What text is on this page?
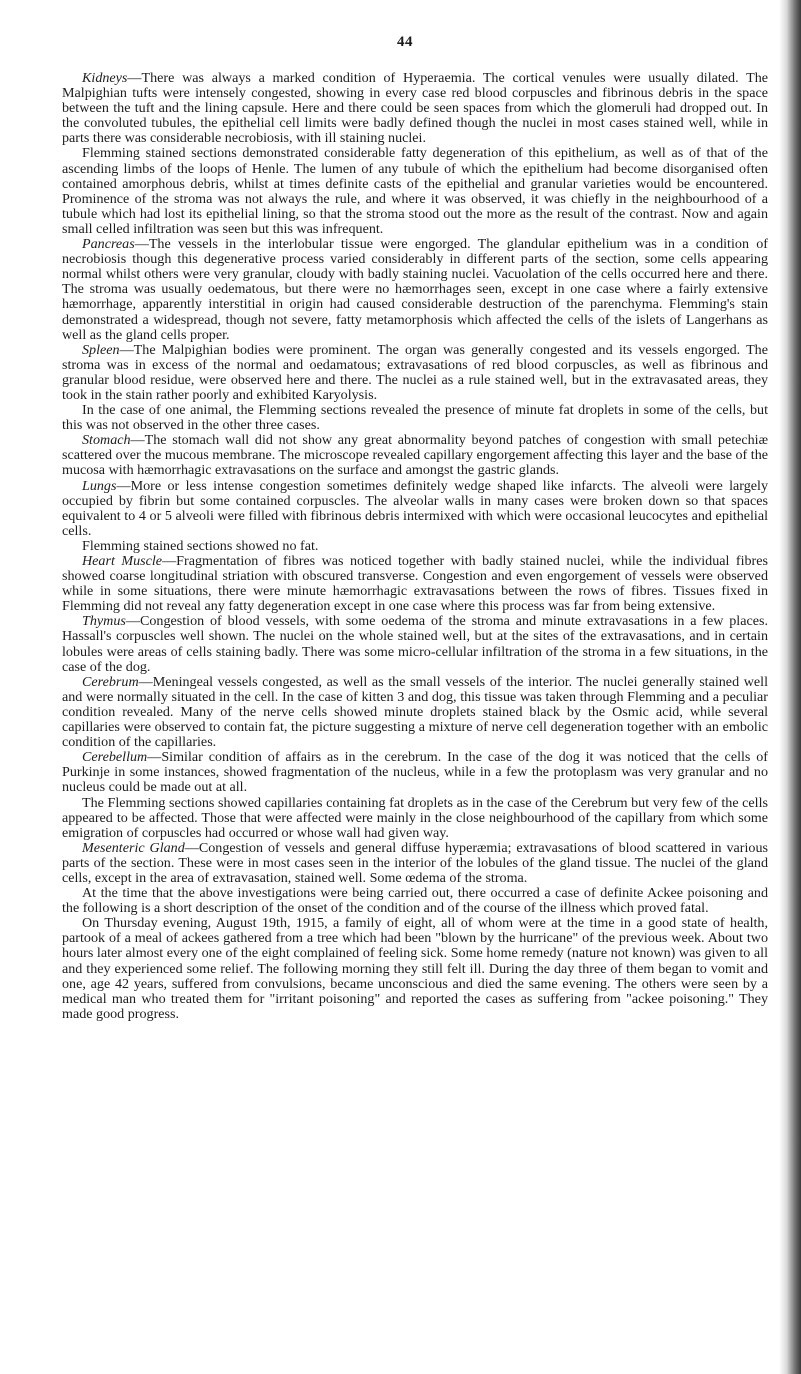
44

Kidneys—There was always a marked condition of Hyperaemia. The cortical venules were usually dilated. The Malpighian tufts were intensely congested, showing in every case red blood corpuscles and fibrinous debris in the space between the tuft and the lining capsule. Here and there could be seen spaces from which the glomeruli had dropped out. In the convoluted tubules, the epithelial cell limits were badly defined though the nuclei in most cases stained well, while in parts there was considerable necrobiosis, with ill staining nuclei.

Flemming stained sections demonstrated considerable fatty degeneration of this epithelium, as well as of that of the ascending limbs of the loops of Henle. The lumen of any tubule of which the epithelium had become disorganised often contained amorphous debris, whilst at times definite casts of the epithelial and granular varieties would be encountered. Prominence of the stroma was not always the rule, and where it was observed, it was chiefly in the neighbourhood of a tubule which had lost its epithelial lining, so that the stroma stood out the more as the result of the contrast. Now and again small celled infiltration was seen but this was infrequent.

Pancreas—The vessels in the interlobular tissue were engorged. The glandular epithelium was in a condition of necrobiosis though this degenerative process varied considerably in different parts of the section, some cells appearing normal whilst others were very granular, cloudy with badly staining nuclei. Vacuolation of the cells occurred here and there. The stroma was usually oedematous, but there were no hæmorrhages seen, except in one case where a fairly extensive hæmorrhage, apparently interstitial in origin had caused considerable destruction of the parenchyma. Flemming's stain demonstrated a widespread, though not severe, fatty metamorphosis which affected the cells of the islets of Langerhans as well as the gland cells proper.

Spleen—The Malpighian bodies were prominent. The organ was generally congested and its vessels engorged. The stroma was in excess of the normal and oedamatous; extravasations of red blood corpuscles, as well as fibrinous and granular blood residue, were observed here and there. The nuclei as a rule stained well, but in the extravasated areas, they took in the stain rather poorly and exhibited Karyolysis.

In the case of one animal, the Flemming sections revealed the presence of minute fat droplets in some of the cells, but this was not observed in the other three cases.

Stomach—The stomach wall did not show any great abnormality beyond patches of congestion with small petechiæ scattered over the mucous membrane. The microscope revealed capillary engorgement affecting this layer and the base of the mucosa with hæmorrhagic extravasations on the surface and amongst the gastric glands.

Lungs—More or less intense congestion sometimes definitely wedge shaped like infarcts. The alveoli were largely occupied by fibrin but some contained corpuscles. The alveolar walls in many cases were broken down so that spaces equivalent to 4 or 5 alveoli were filled with fibrinous debris intermixed with which were occasional leucocytes and epithelial cells.

Flemming stained sections showed no fat.

Heart Muscle—Fragmentation of fibres was noticed together with badly stained nuclei, while the individual fibres showed coarse longitudinal striation with obscured transverse. Congestion and even engorgement of vessels were observed while in some situations, there were minute hæmorrhagic extravasations between the rows of fibres. Tissues fixed in Flemming did not reveal any fatty degeneration except in one case where this process was far from being extensive.

Thymus—Congestion of blood vessels, with some oedema of the stroma and minute extravasations in a few places. Hassall's corpuscles well shown. The nuclei on the whole stained well, but at the sites of the extravasations, and in certain lobules were areas of cells staining badly. There was some micro-cellular infiltration of the stroma in a few situations, in the case of the dog.

Cerebrum—Meningeal vessels congested, as well as the small vessels of the interior. The nuclei generally stained well and were normally situated in the cell. In the case of kitten 3 and dog, this tissue was taken through Flemming and a peculiar condition revealed. Many of the nerve cells showed minute droplets stained black by the Osmic acid, while several capillaries were observed to contain fat, the picture suggesting a mixture of nerve cell degeneration together with an embolic condition of the capillaries.

Cerebellum—Similar condition of affairs as in the cerebrum. In the case of the dog it was noticed that the cells of Purkinje in some instances, showed fragmentation of the nucleus, while in a few the protoplasm was very granular and no nucleus could be made out at all.

The Flemming sections showed capillaries containing fat droplets as in the case of the Cerebrum but very few of the cells appeared to be affected. Those that were affected were mainly in the close neighbourhood of the capillary from which some emigration of corpuscles had occurred or whose wall had given way.

Mesenteric Gland—Congestion of vessels and general diffuse hyperæmia; extravasations of blood scattered in various parts of the section. These were in most cases seen in the interior of the lobules of the gland tissue. The nuclei of the gland cells, except in the area of extravasation, stained well. Some œdema of the stroma.

At the time that the above investigations were being carried out, there occurred a case of definite Ackee poisoning and the following is a short description of the onset of the condition and of the course of the illness which proved fatal.

On Thursday evening, August 19th, 1915, a family of eight, all of whom were at the time in a good state of health, partook of a meal of ackees gathered from a tree which had been "blown by the hurricane" of the previous week. About two hours later almost every one of the eight complained of feeling sick. Some home remedy (nature not known) was given to all and they experienced some relief. The following morning they still felt ill. During the day three of them began to vomit and one, age 42 years, suffered from convulsions, became unconscious and died the same evening. The others were seen by a medical man who treated them for "irritant poisoning" and reported the cases as suffering from "ackee poisoning." They made good progress.
